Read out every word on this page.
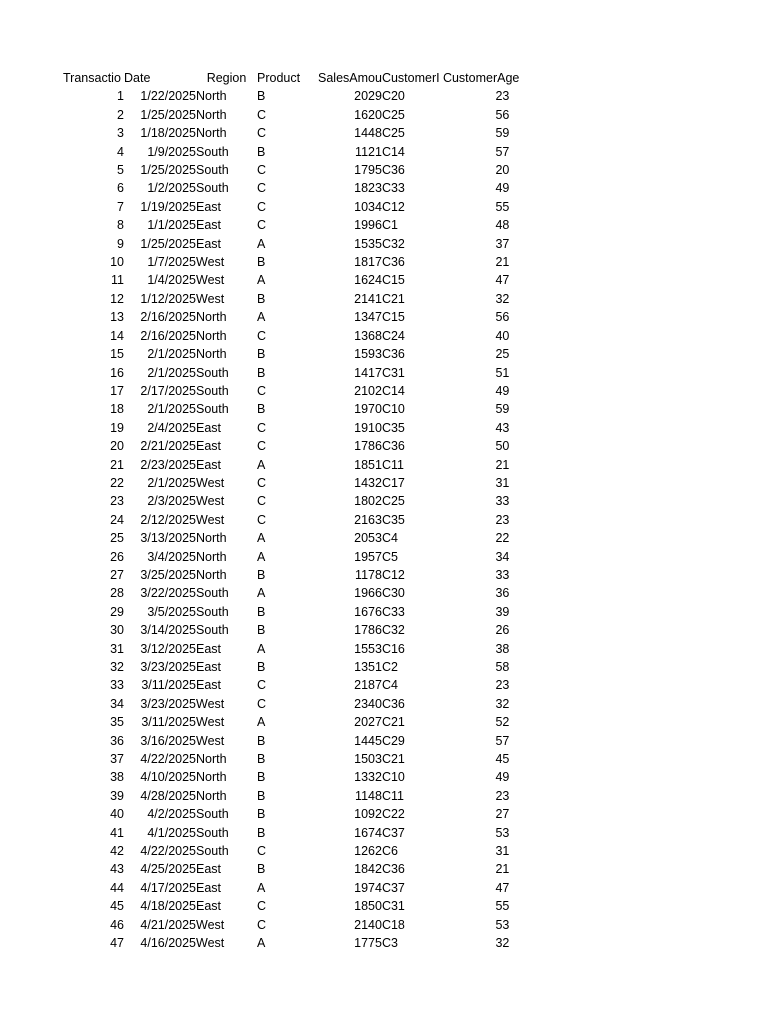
Transactio	Date	Region	Product	SalesAmou	CustomerI	CustomerAge
1	1/22/2025	North	B	2029	C20	23
2	1/25/2025	North	C	1620	C25	56
3	1/18/2025	North	C	1448	C25	59
4	1/9/2025	South	B	1121	C14	57
5	1/25/2025	South	C	1795	C36	20
6	1/2/2025	South	C	1823	C33	49
7	1/19/2025	East	C	1034	C12	55
8	1/1/2025	East	C	1996	C1	48
9	1/25/2025	East	A	1535	C32	37
10	1/7/2025	West	B	1817	C36	21
11	1/4/2025	West	A	1624	C15	47
12	1/12/2025	West	B	2141	C21	32
13	2/16/2025	North	A	1347	C15	56
14	2/16/2025	North	C	1368	C24	40
15	2/1/2025	North	B	1593	C36	25
16	2/1/2025	South	B	1417	C31	51
17	2/17/2025	South	C	2102	C14	49
18	2/1/2025	South	B	1970	C10	59
19	2/4/2025	East	C	1910	C35	43
20	2/21/2025	East	C	1786	C36	50
21	2/23/2025	East	A	1851	C11	21
22	2/1/2025	West	C	1432	C17	31
23	2/3/2025	West	C	1802	C25	33
24	2/12/2025	West	C	2163	C35	23
25	3/13/2025	North	A	2053	C4	22
26	3/4/2025	North	A	1957	C5	34
27	3/25/2025	North	B	1178	C12	33
28	3/22/2025	South	A	1966	C30	36
29	3/5/2025	South	B	1676	C33	39
30	3/14/2025	South	B	1786	C32	26
31	3/12/2025	East	A	1553	C16	38
32	3/23/2025	East	B	1351	C2	58
33	3/11/2025	East	C	2187	C4	23
34	3/23/2025	West	C	2340	C36	32
35	3/11/2025	West	A	2027	C21	52
36	3/16/2025	West	B	1445	C29	57
37	4/22/2025	North	B	1503	C21	45
38	4/10/2025	North	B	1332	C10	49
39	4/28/2025	North	B	1148	C11	23
40	4/2/2025	South	B	1092	C22	27
41	4/1/2025	South	B	1674	C37	53
42	4/22/2025	South	C	1262	C6	31
43	4/25/2025	East	B	1842	C36	21
44	4/17/2025	East	A	1974	C37	47
45	4/18/2025	East	C	1850	C31	55
46	4/21/2025	West	C	2140	C18	53
47	4/16/2025	West	A	1775	C3	32
